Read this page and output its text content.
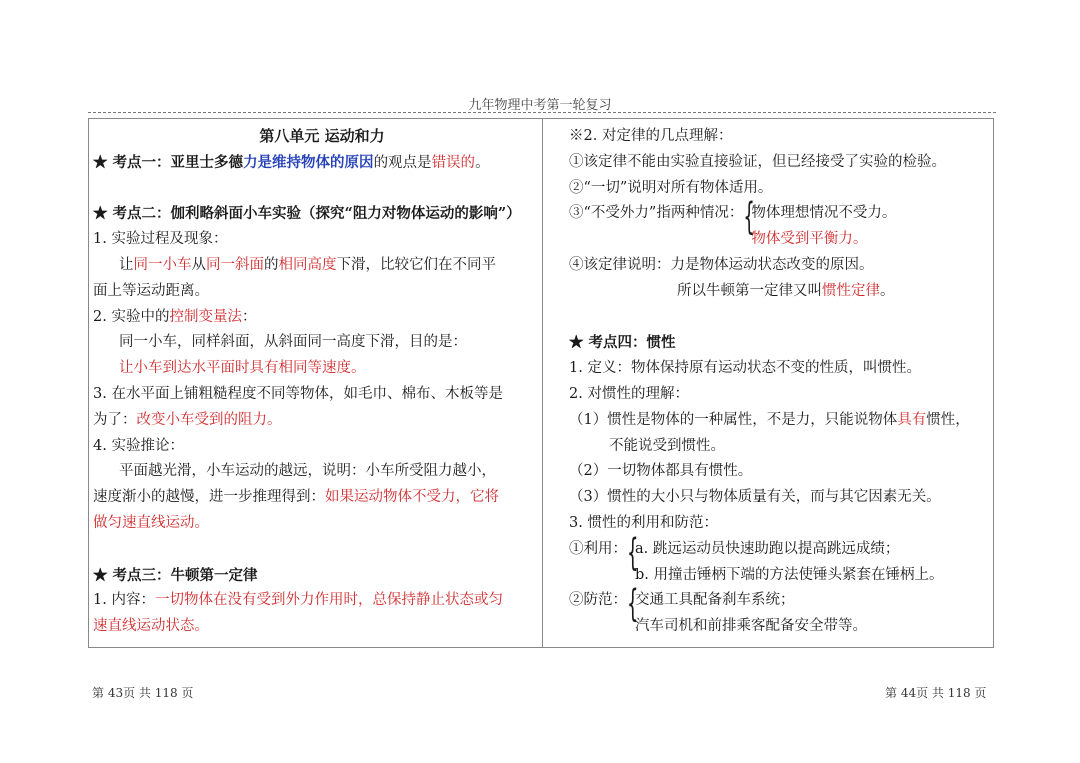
九年物理中考第一轮复习
第八单元 运动和力
★ 考点一：亚里士多德力是维持物体的原因的观点是错误的。
★ 考点二：伽利略斜面小车实验（探究“阻力对物体运动的影响”）
1. 实验过程及现象：
让同一小车从同一斜面的相同高度下滑，比较它们在不同平
面上等运动距离。
2. 实验中的控制变量法：
同一小车，同样斜面，从斜面同一高度下滑，目的是：
让小车到达水平面时具有相同等速度。
3. 在水平面上铺粗糙程度不同等物体，如毛巾、棉布、木板等是
为了：改变小车受到的阻力。
4. 实验推论：
平面越光滑，小车运动的越远，说明：小车所受阻力越小，
速度渐小的越慢，进一步推理得到：如果运动物体不受力，它将
做匀速直线运动。
★ 考点三：牛顿第一定律
1. 内容：一切物体在没有受到外力作用时，总保持静止状态或匀
速直线运动状态。
※2. 对定律的几点理解：
①该定律不能由实验直接验证，但已经接受了实验的检验。
②“一切”说明对所有物体适用。
③“不受外力”指两种情况：{物体理想情况不受力。
物体受到平衡力。
④该定律说明：力是物体运动状态改变的原因。
所以牛顿第一定律又叫惯性定律。
★ 考点四：惯性
1. 定义：物体保持原有运动状态不变的性质，叫惯性。
2. 对惯性的理解：
（1）惯性是物体的一种属性，不是力，只能说物体具有惯性，
不能说受到惯性。
（2）一切物体都具有惯性。
（3）惯性的大小只与物体质量有关，而与其它因素无关。
3. 惯性的利用和防范：
①利用：{a. 跳远运动员快速助跑以提高跳远成绩；
b. 用撞击锤柄下端的方法使锤头紧套在锤柄上。
②防范：{交通工具配备刹车系统；
汽车司机和前排乘客配备安全带等。
第 43页 共 118 页	第 44页 共 118 页
